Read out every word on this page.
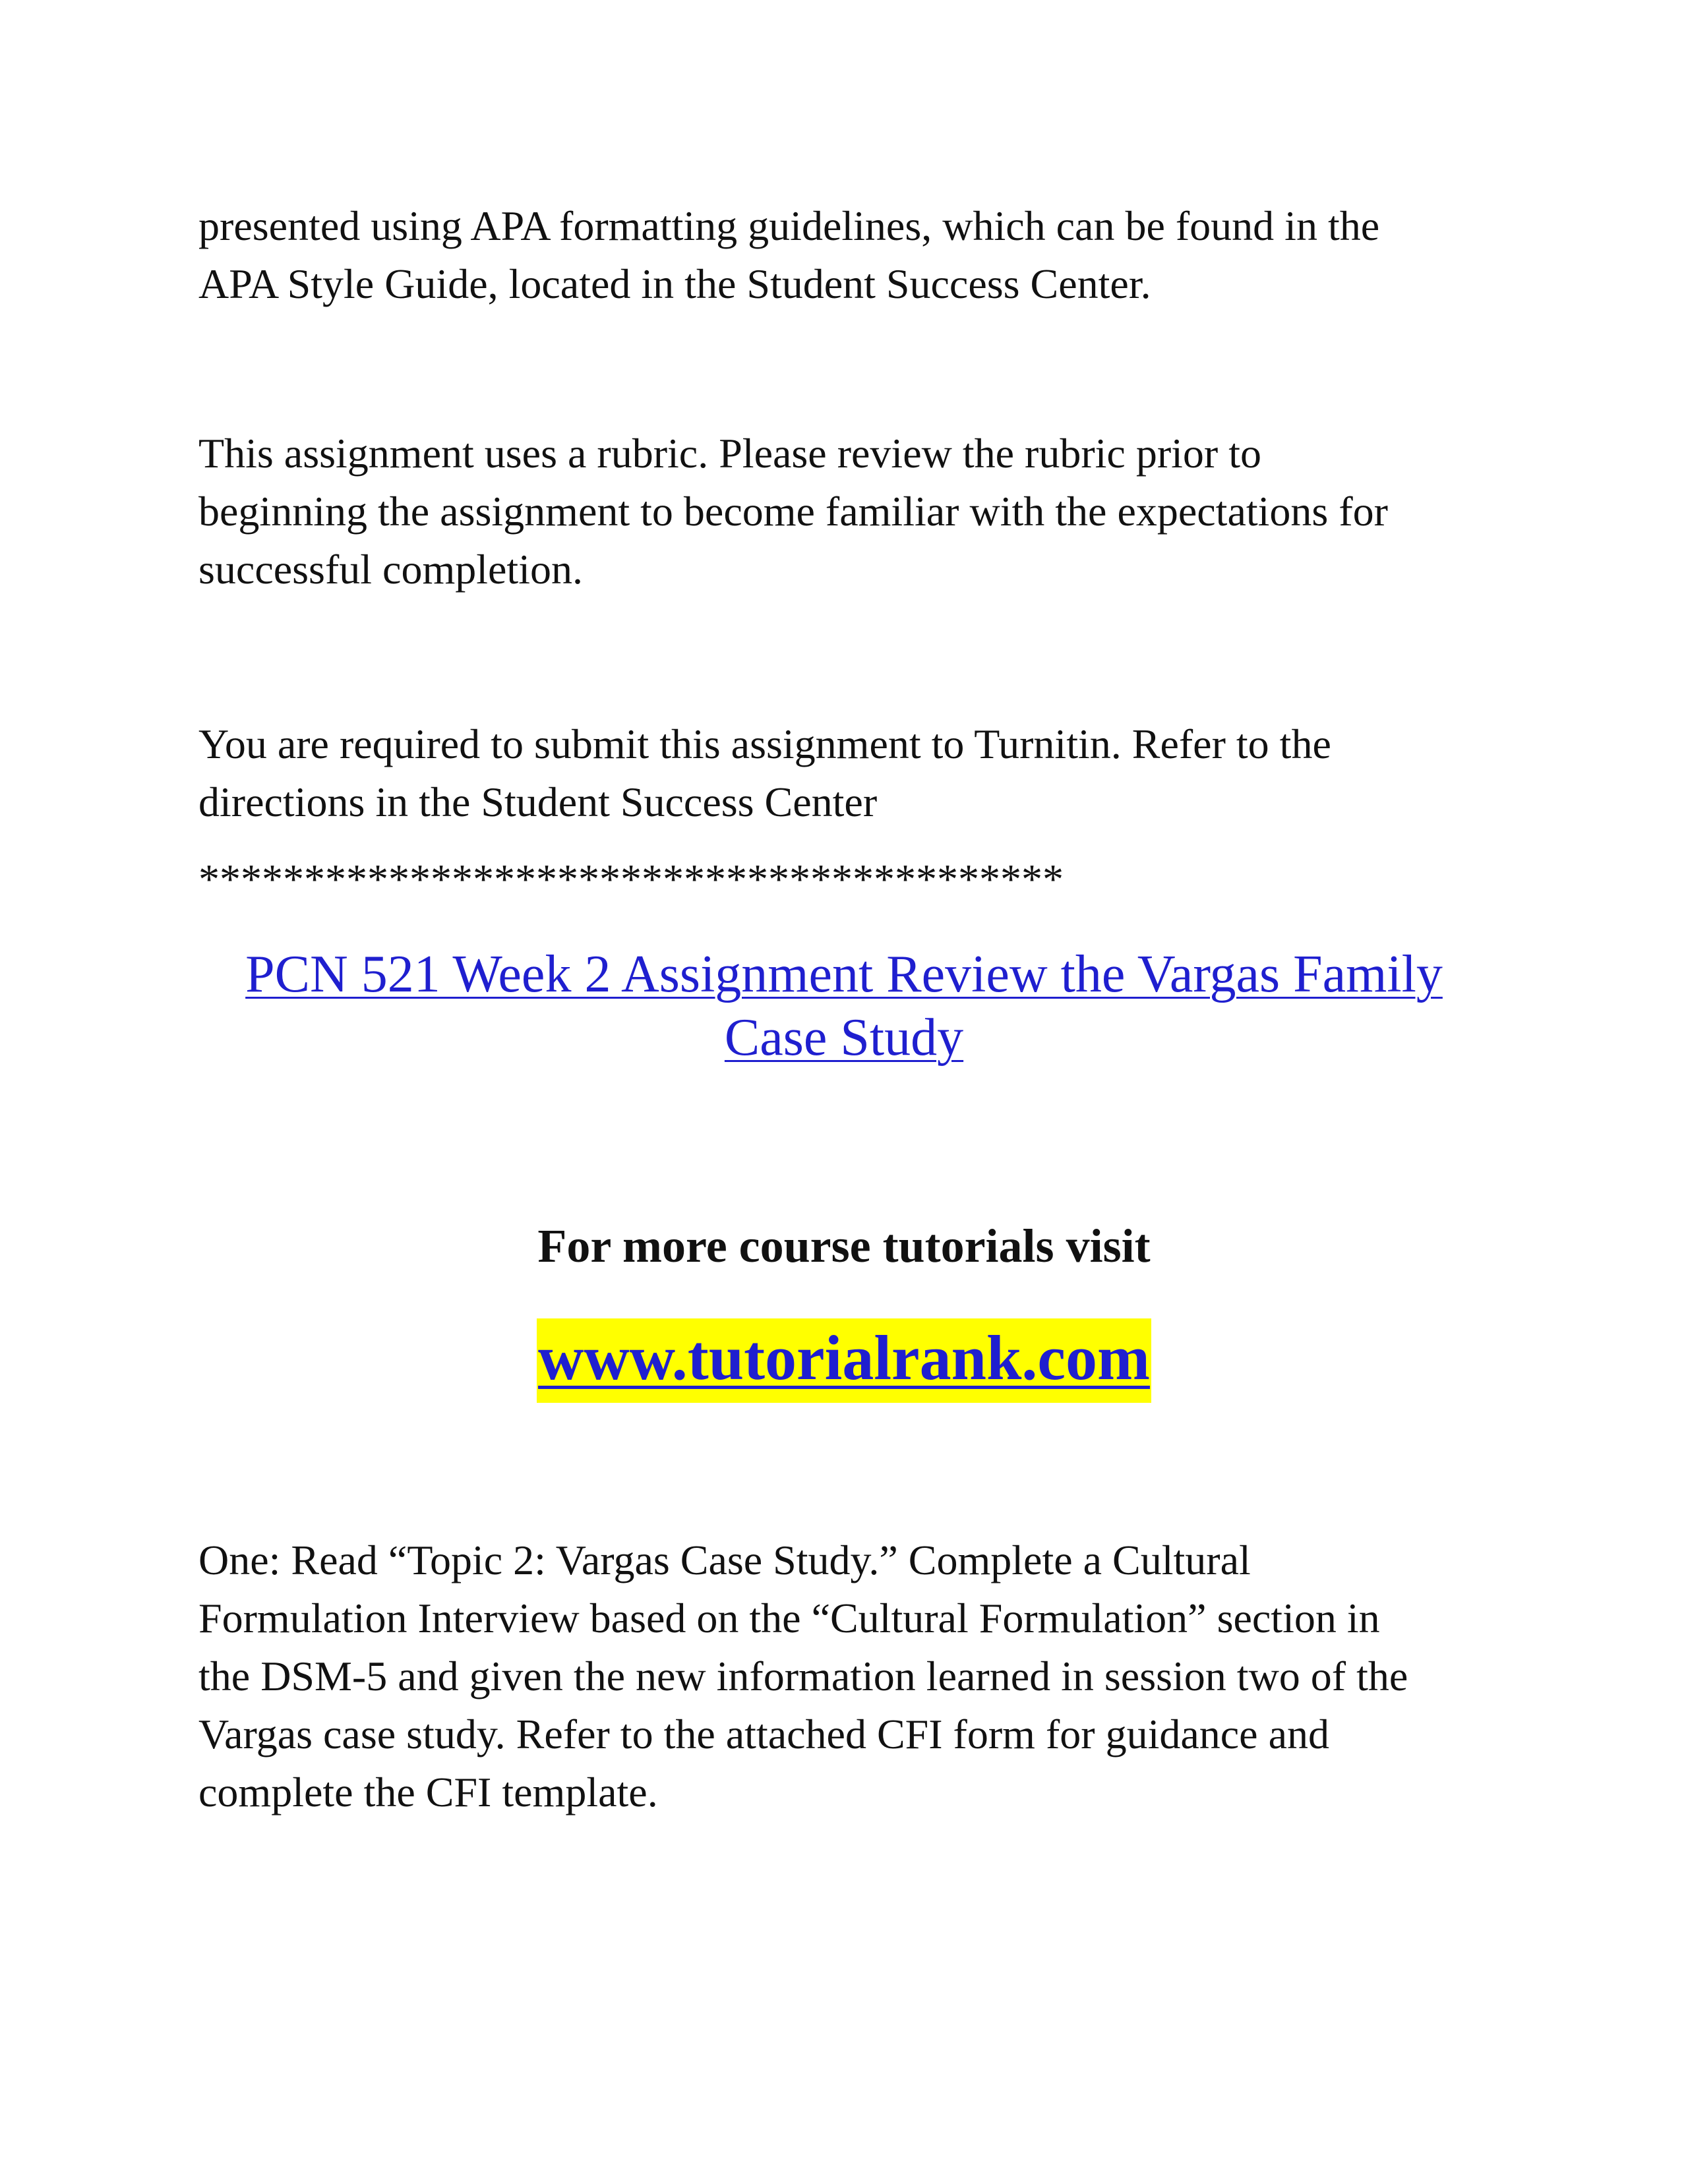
presented using APA formatting guidelines, which can be found in the
APA Style Guide, located in the Student Success Center.

This assignment uses a rubric. Please review the rubric prior to
beginning the assignment to become familiar with the expectations for
successful completion.

You are required to submit this assignment to Turnitin. Refer to the
directions in the Student Success Center

*****************************************

PCN 521 Week 2 Assignment Review the Vargas Family
Case Study

For more course tutorials visit

www.tutorialrank.com

One: Read “Topic 2: Vargas Case Study.” Complete a Cultural
Formulation Interview based on the “Cultural Formulation” section in
the DSM-5 and given the new information learned in session two of the
Vargas case study. Refer to the attached CFI form for guidance and
complete the CFI template.
